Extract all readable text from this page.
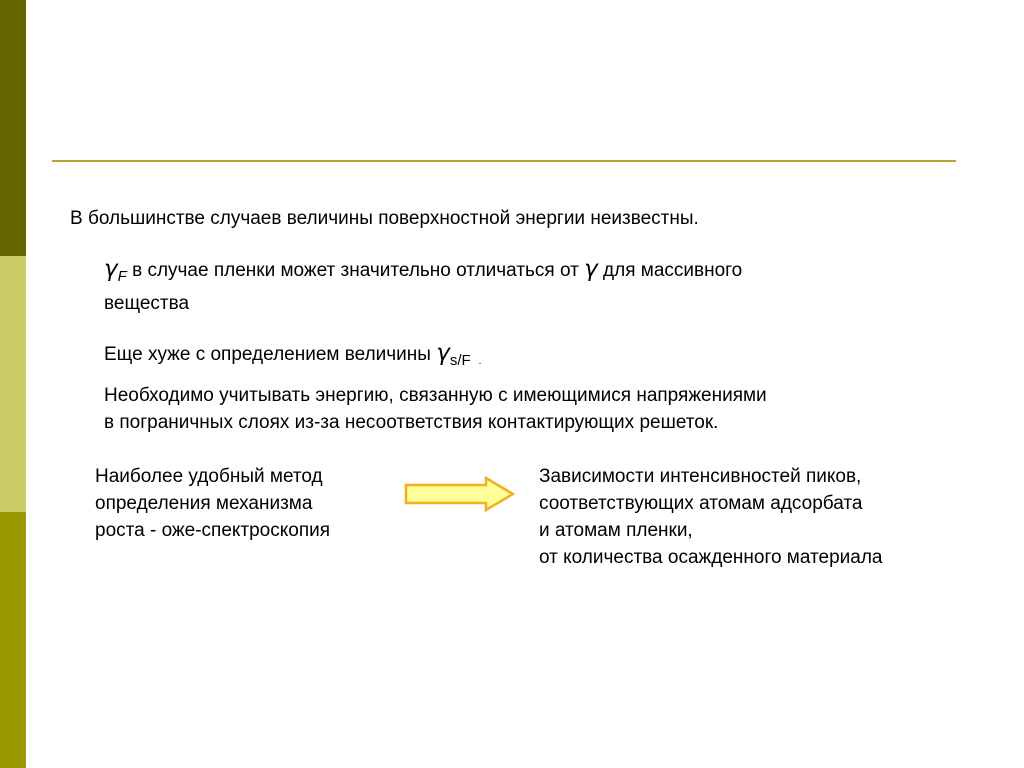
В большинстве случаев величины поверхностной энергии неизвестны.
$\gamma_F$ в случае пленки может значительно отличаться от γ для массивного
вещества
Еще хуже с определением величины $\gamma_{s/F}$ $_.$
Необходимо учитывать энергию, связанную с имеющимися напряжениями
в пограничных слоях из-за несоответствия контактирующих решеток.
Наиболее удобный метод
определения механизма
роста - оже-спектроскопия
Зависимости интенсивностей пиков,
соответствующих атомам адсорбата
и атомам пленки,
от количества осажденного материала
